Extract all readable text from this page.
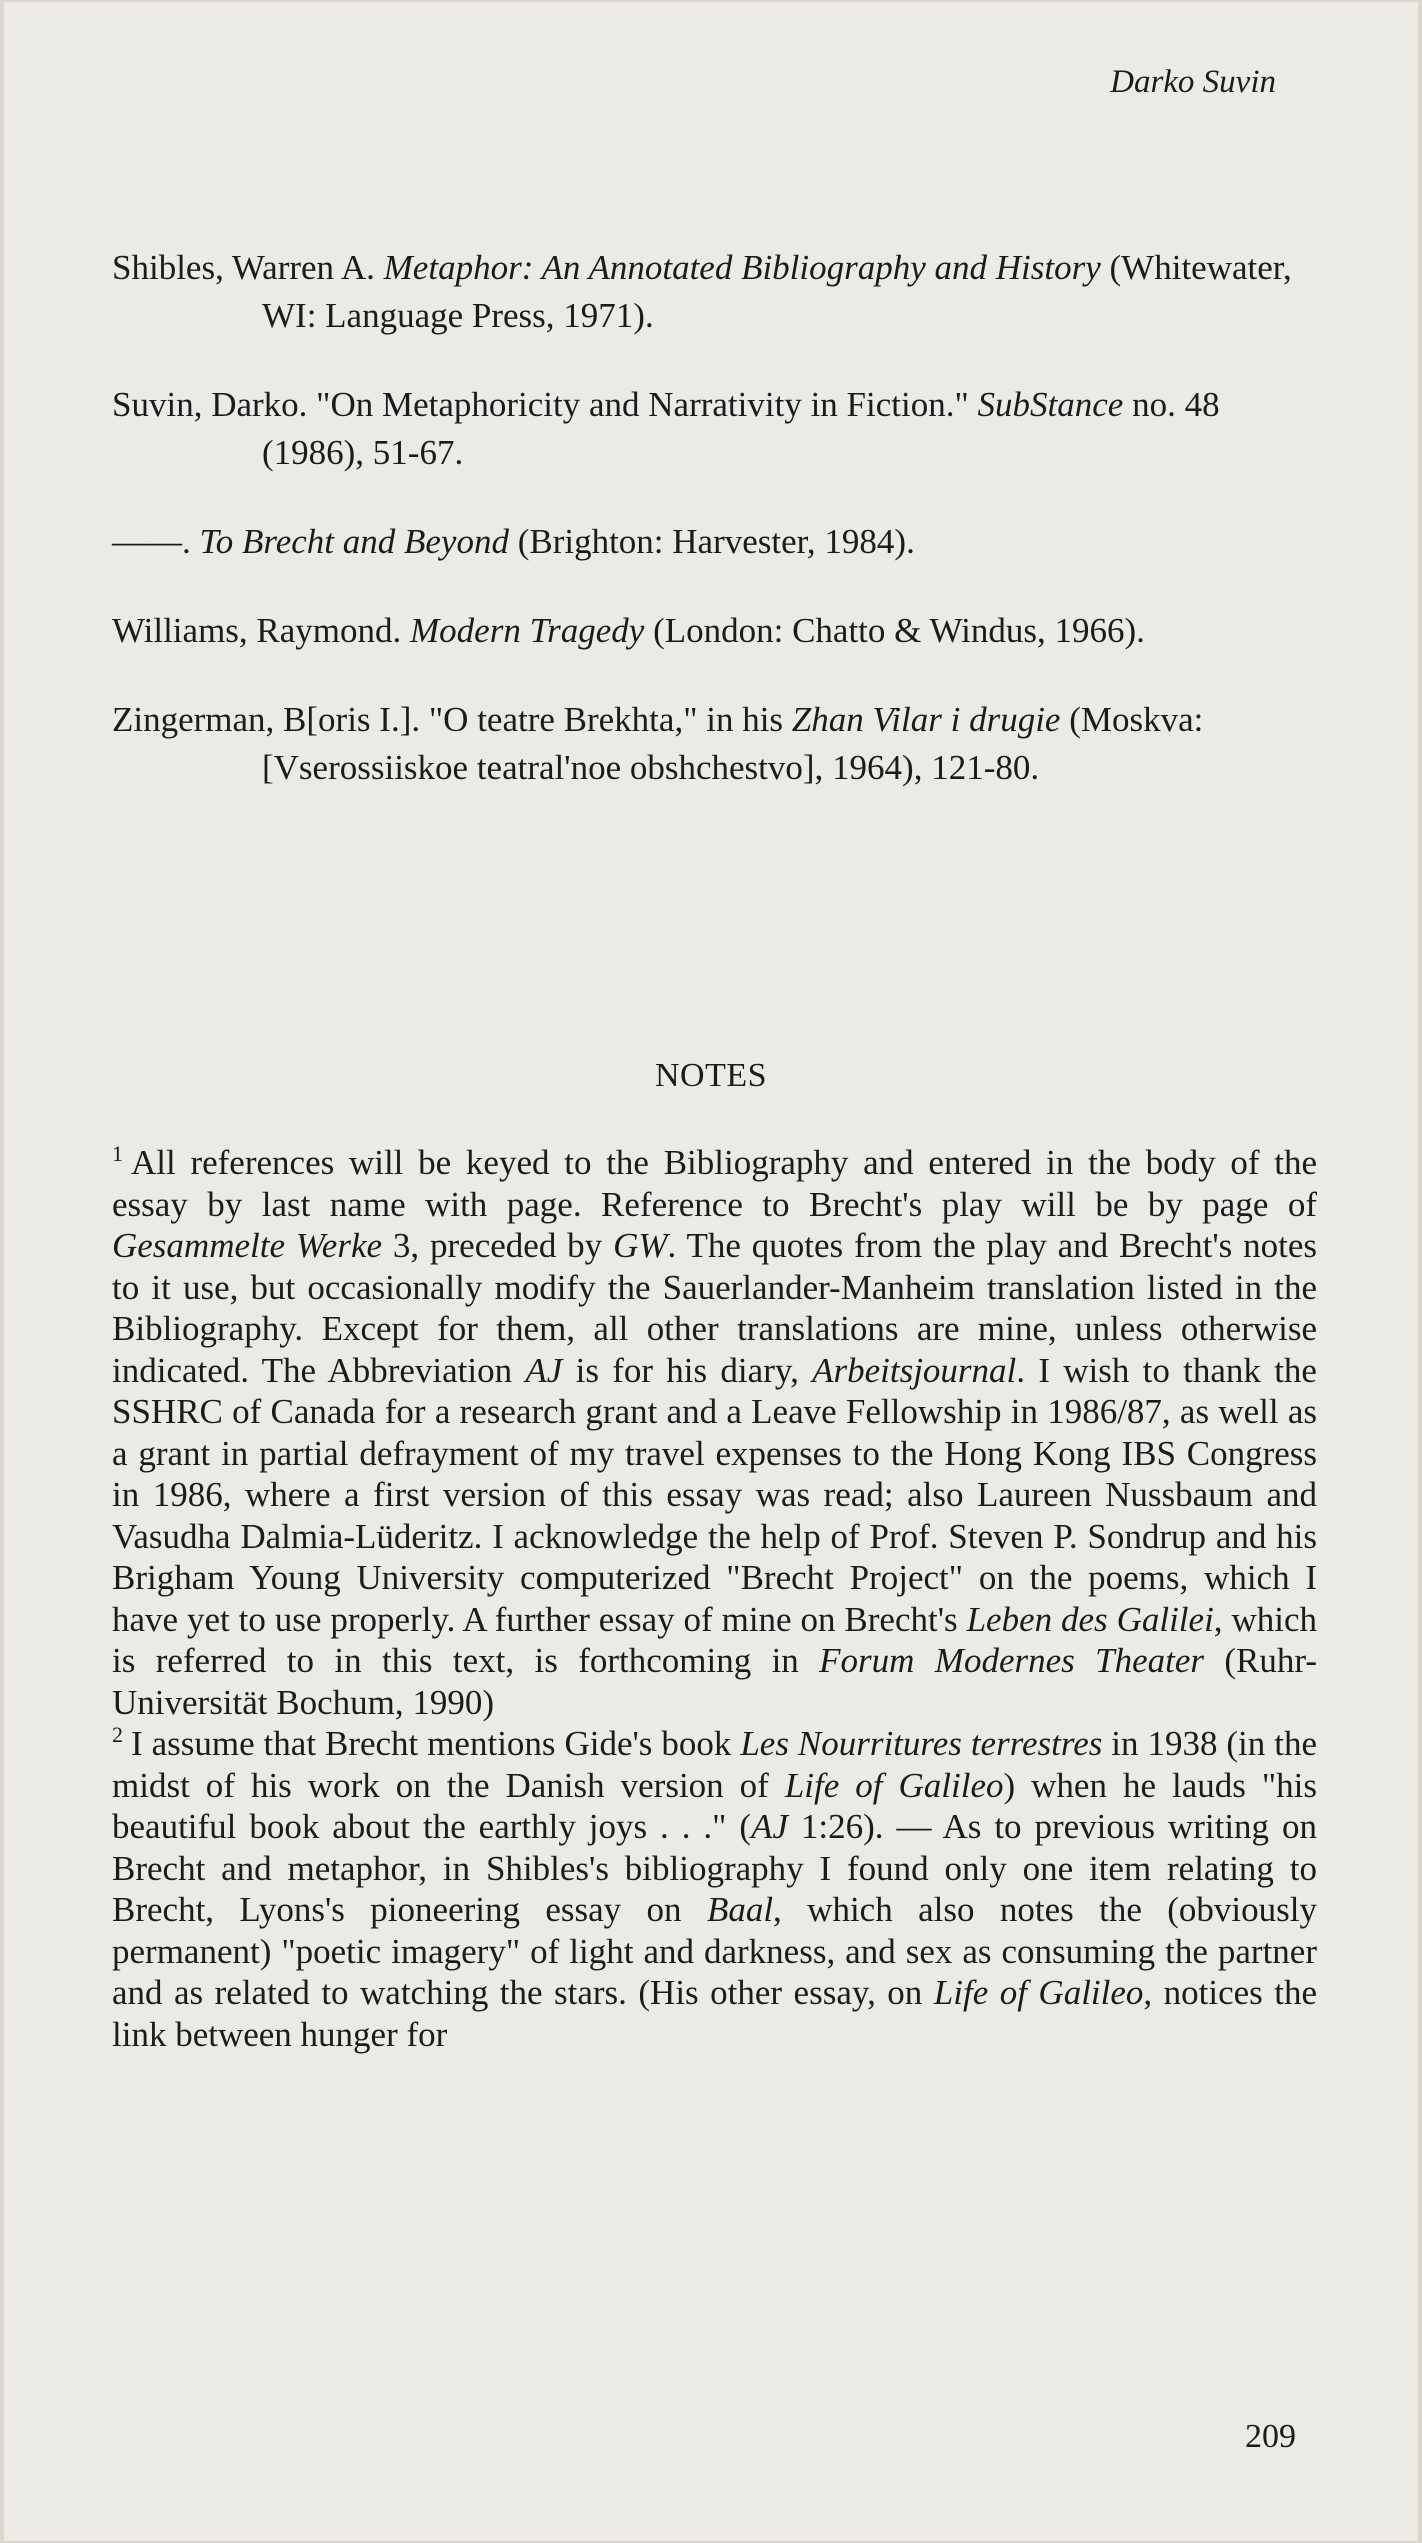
Darko Suvin
Shibles, Warren A. Metaphor: An Annotated Bibliography and History (Whitewater, WI: Language Press, 1971).
Suvin, Darko. "On Metaphoricity and Narrativity in Fiction." SubStance no. 48 (1986), 51-67.
——. To Brecht and Beyond (Brighton: Harvester, 1984).
Williams, Raymond. Modern Tragedy (London: Chatto & Windus, 1966).
Zingerman, B[oris I.]. "O teatre Brekhta," in his Zhan Vilar i drugie (Moskva: [Vserossiiskoe teatral'noe obshchestvo], 1964), 121-80.
NOTES

$^1$ All references will be keyed to the Bibliography and entered in the body of the essay by last name with page. Reference to Brecht's play will be by page of Gesammelte Werke 3, preceded by GW. The quotes from the play and Brecht's notes to it use, but occasionally modify the Sauerlander-Manheim translation listed in the Bibliography. Except for them, all other translations are mine, unless otherwise indicated. The Abbreviation AJ is for his diary, Arbeitsjournal. I wish to thank the SSHRC of Canada for a research grant and a Leave Fellowship in 1986/87, as well as a grant in partial defrayment of my travel expenses to the Hong Kong IBS Congress in 1986, where a first version of this essay was read; also Laureen Nussbaum and Vasudha Dalmia-Lüderitz. I acknowledge the help of Prof. Steven P. Sondrup and his Brigham Young University computerized "Brecht Project" on the poems, which I have yet to use properly. A further essay of mine on Brecht's Leben des Galilei, which is referred to in this text, is forthcoming in Forum Modernes Theater (Ruhr-Universität Bochum, 1990)

$^2$ I assume that Brecht mentions Gide's book Les Nourritures terrestres in 1938 (in the midst of his work on the Danish version of Life of Galileo) when he lauds "his beautiful book about the earthly joys . . ." (AJ 1:26). — As to previous writing on Brecht and metaphor, in Shibles's bibliography I found only one item relating to Brecht, Lyons's pioneering essay on Baal, which also notes the (obviously permanent) "poetic imagery" of light and darkness, and sex as consuming the partner and as related to watching the stars. (His other essay, on Life of Galileo, notices the link between hunger for

209
